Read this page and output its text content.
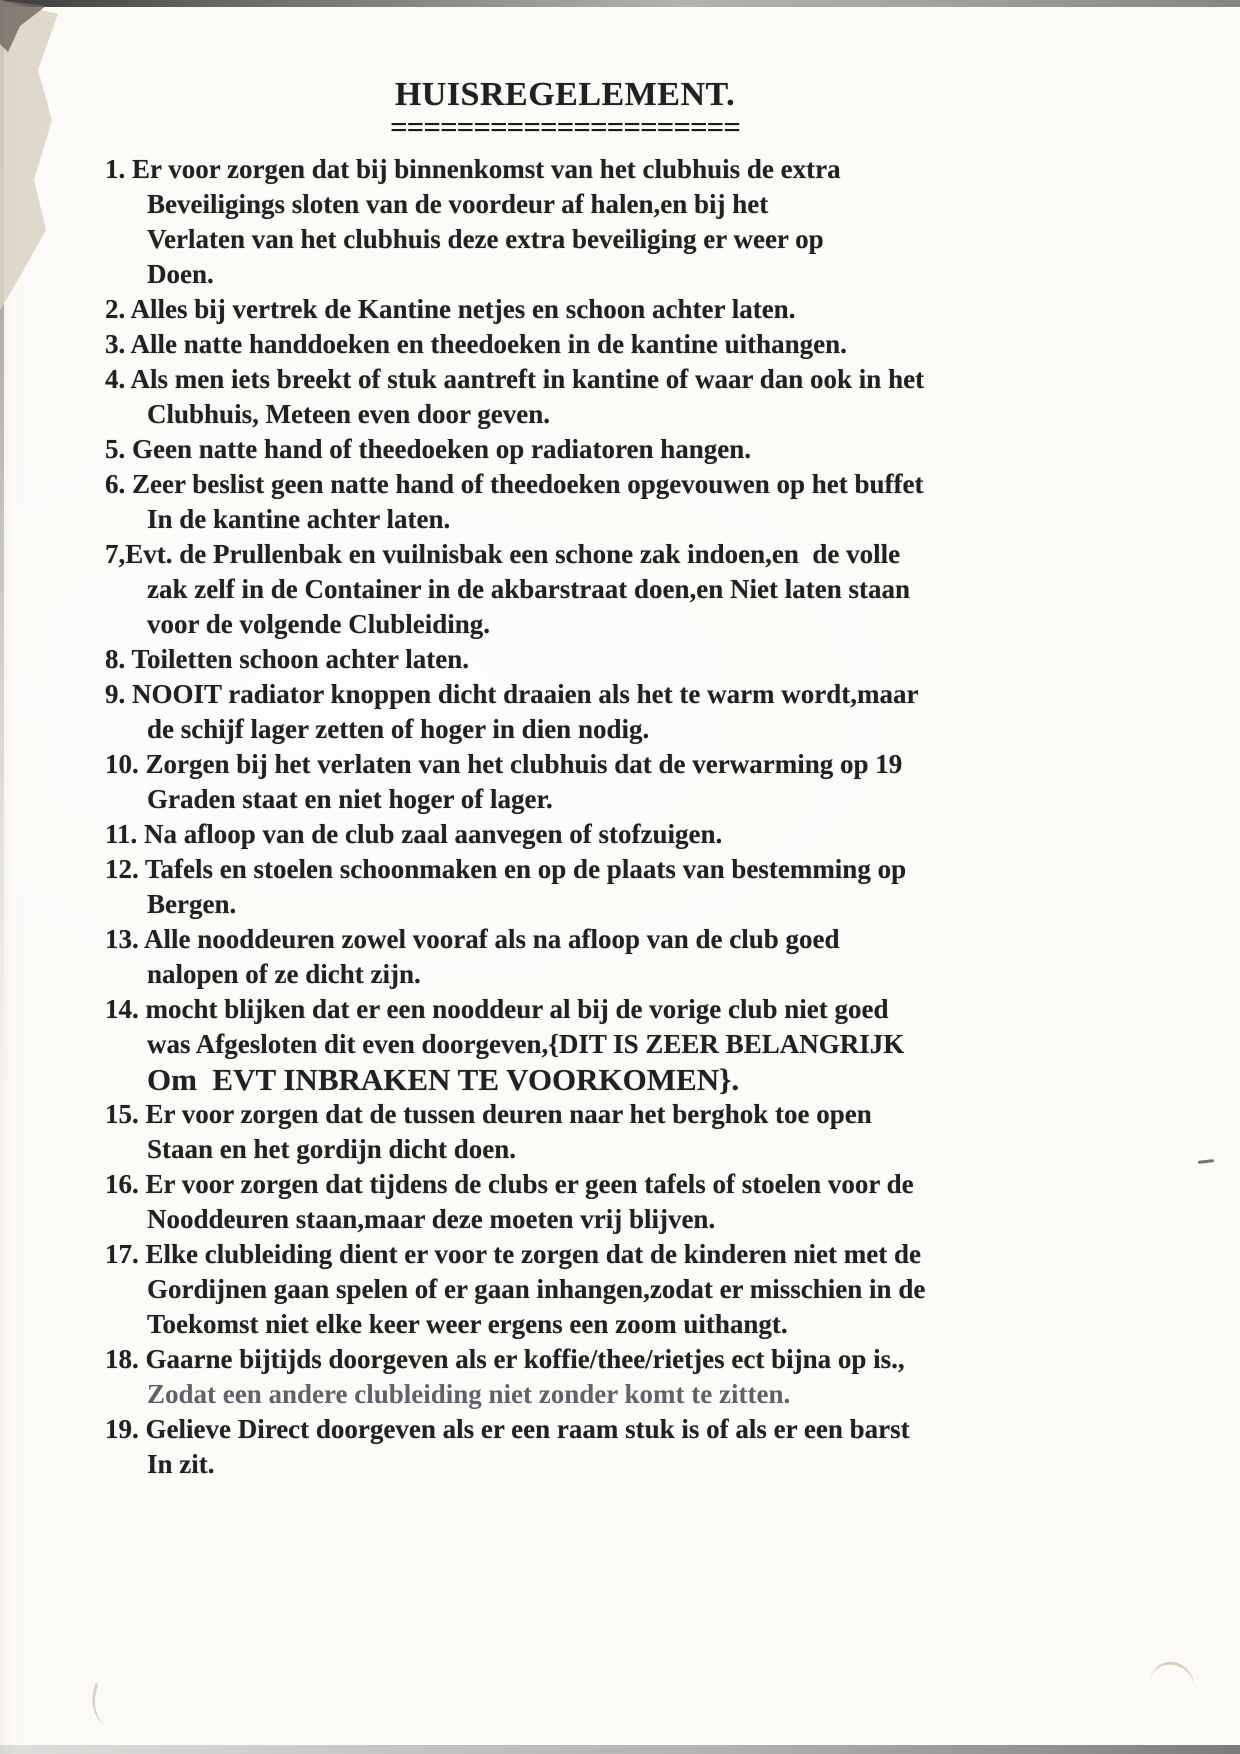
HUISREGELEMENT.
=====================
1. Er voor zorgen dat bij binnenkomst van het clubhuis de extra
Beveiligings sloten van de voordeur af halen,en bij het
Verlaten van het clubhuis deze extra beveiliging er weer op
Doen.
2. Alles bij vertrek de Kantine netjes en schoon achter laten.
3. Alle natte handdoeken en theedoeken in de kantine uithangen.
4. Als men iets breekt of stuk aantreft in kantine of waar dan ook in het
Clubhuis, Meteen even door geven.
5. Geen natte hand of theedoeken op radiatoren hangen.
6. Zeer beslist geen natte hand of theedoeken opgevouwen op het buffet
In de kantine achter laten.
7,Evt. de Prullenbak en vuilnisbak een schone zak indoen,en  de volle
zak zelf in de Container in de akbarstraat doen,en Niet laten staan
voor de volgende Clubleiding.
8. Toiletten schoon achter laten.
9. NOOIT radiator knoppen dicht draaien als het te warm wordt,maar
de schijf lager zetten of hoger in dien nodig.
10. Zorgen bij het verlaten van het clubhuis dat de verwarming op 19
Graden staat en niet hoger of lager.
11. Na afloop van de club zaal aanvegen of stofzuigen.
12. Tafels en stoelen schoonmaken en op de plaats van bestemming op
Bergen.
13. Alle nooddeuren zowel vooraf als na afloop van de club goed
nalopen of ze dicht zijn.
14. mocht blijken dat er een nooddeur al bij de vorige club niet goed
was Afgesloten dit even doorgeven,{DIT IS ZEER BELANGRIJK
Om  EVT INBRAKEN TE VOORKOMEN}.
15. Er voor zorgen dat de tussen deuren naar het berghok toe open
Staan en het gordijn dicht doen.
16. Er voor zorgen dat tijdens de clubs er geen tafels of stoelen voor de
Nooddeuren staan,maar deze moeten vrij blijven.
17. Elke clubleiding dient er voor te zorgen dat de kinderen niet met de
Gordijnen gaan spelen of er gaan inhangen,zodat er misschien in de
Toekomst niet elke keer weer ergens een zoom uithangt.
18. Gaarne bijtijds doorgeven als er koffie/thee/rietjes ect bijna op is.,
Zodat een andere clubleiding niet zonder komt te zitten.
19. Gelieve Direct doorgeven als er een raam stuk is of als er een barst
In zit.
